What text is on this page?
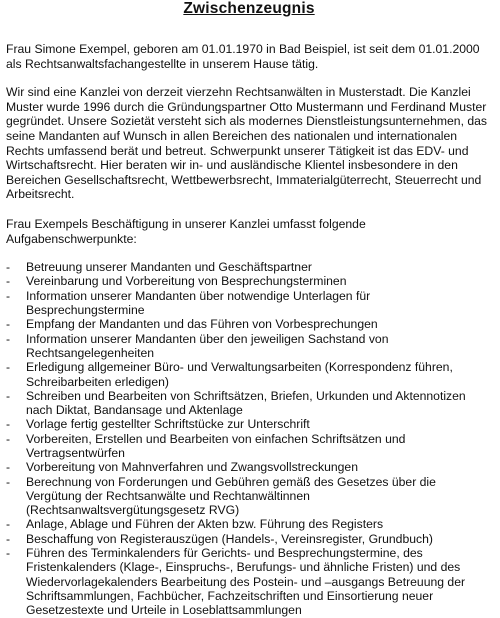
Zwischenzeugnis

Frau Simone Exempel, geboren am 01.01.1970 in Bad Beispiel, ist seit dem 01.01.2000 als Rechtsanwaltsfachangestellte in unserem Hause tätig.

Wir sind eine Kanzlei von derzeit vierzehn Rechtsanwälten in Musterstadt. Die Kanzlei Muster wurde 1996 durch die Gründungspartner Otto Mustermann und Ferdinand Muster gegründet. Unsere Sozietät versteht sich als modernes Dienstleistungsunternehmen, das seine Mandanten auf Wunsch in allen Bereichen des nationalen und internationalen Rechts umfassend berät und betreut. Schwerpunkt unserer Tätigkeit ist das EDV- und Wirtschaftsrecht. Hier beraten wir in- und ausländische Klientel insbesondere in den Bereichen Gesellschaftsrecht, Wettbewerbsrecht, Immaterialgüterrecht, Steuerrecht und Arbeitsrecht.

Frau Exempels Beschäftigung in unserer Kanzlei umfasst folgende Aufgabenschwerpunkte:

-	Betreuung unserer Mandanten und Geschäftspartner
-	Vereinbarung und Vorbereitung von Besprechungsterminen
-	Information unserer Mandanten über notwendige Unterlagen für Besprechungstermine
-	Empfang der Mandanten und das Führen von Vorbesprechungen
-	Information unserer Mandanten über den jeweiligen Sachstand von Rechtsangelegenheiten
-	Erledigung allgemeiner Büro- und Verwaltungsarbeiten (Korrespondenz führen, Schreibarbeiten erledigen)
-	Schreiben und Bearbeiten von Schriftsätzen, Briefen, Urkunden und Aktennotizen nach Diktat, Bandansage und Aktenlage
-	Vorlage fertig gestellter Schriftstücke zur Unterschrift
-	Vorbereiten, Erstellen und Bearbeiten von einfachen Schriftsätzen und Vertragsentwürfen
-	Vorbereitung von Mahnverfahren und Zwangsvollstreckungen
-	Berechnung von Forderungen und Gebühren gemäß des Gesetzes über die Vergütung der Rechtsanwälte und Rechtanwältinnen (Rechtsanwaltsvergütungsgesetz RVG)
-	Anlage, Ablage und Führen der Akten bzw. Führung des Registers
-	Beschaffung von Registerauszügen (Handels-, Vereinsregister, Grundbuch)
-	Führen des Terminkalenders für Gerichts- und Besprechungstermine, des Fristenkalenders (Klage-, Einspruchs-, Berufungs- und ähnliche Fristen) und des Wiedervorlagekalenders Bearbeitung des Postein- und –ausgangs Betreuung der Schriftsammlungen, Fachbücher, Fachzeitschriften und Einsortierung neuer Gesetzestexte und Urteile in Loseblattsammlungen
